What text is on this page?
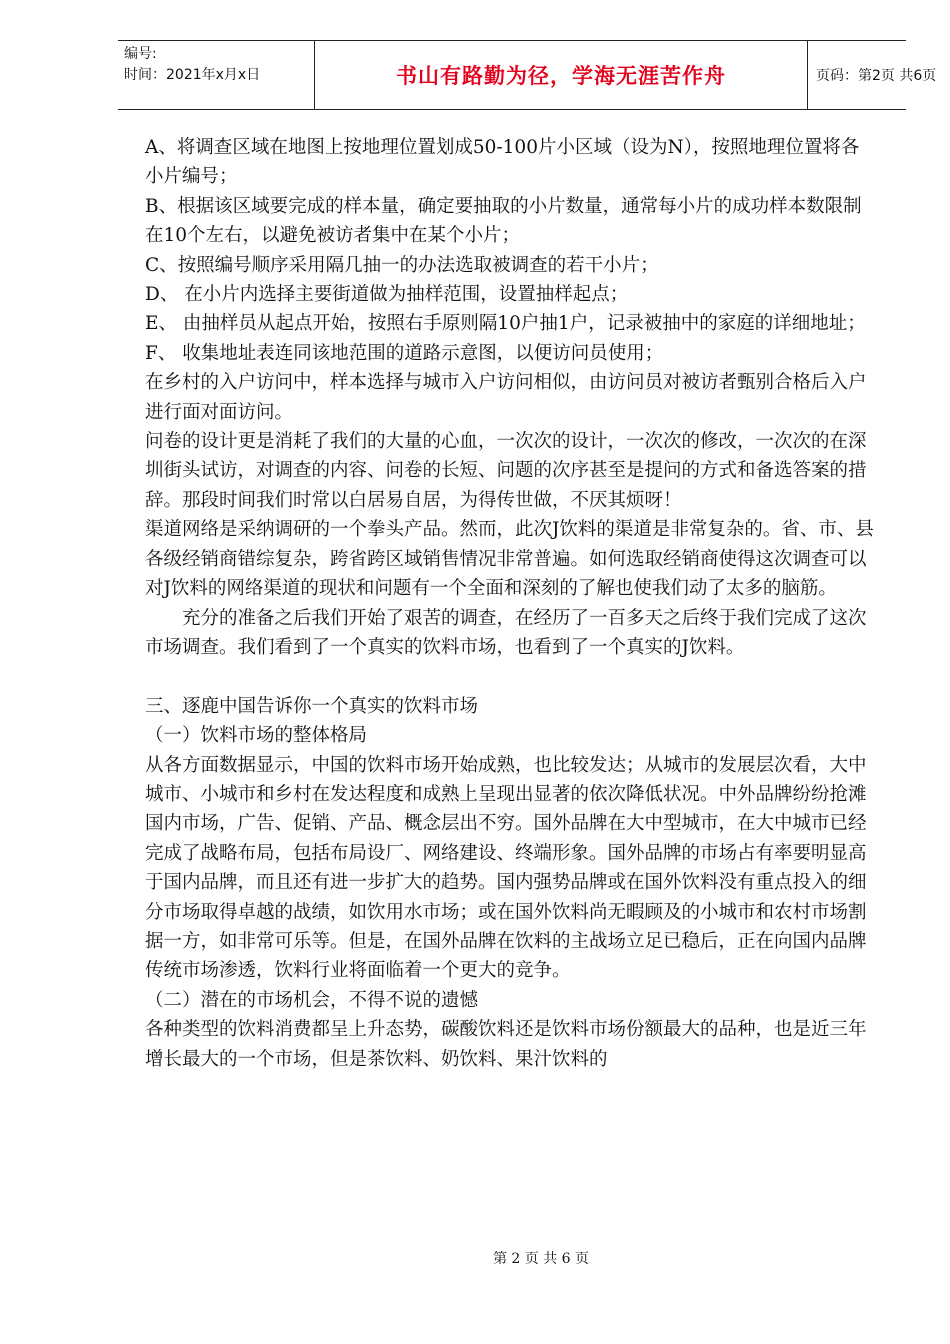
编号:
时间：2021年x月x日	书山有路勤为径，学海无涯苦作舟	页码：第2页 共6页

A、将调查区域在地图上按地理位置划成50-100片小区域（设为N），按照地理位置将各小片编号；

B、根据该区域要完成的样本量，确定要抽取的小片数量，通常每小片的成功样本数限制在10个左右，以避免被访者集中在某个小片；

C、按照编号顺序采用隔几抽一的办法选取被调查的若干小片；

D、 在小片内选择主要街道做为抽样范围，设置抽样起点；

E、 由抽样员从起点开始，按照右手原则隔10户抽1户，记录被抽中的家庭的详细地址；

F、 收集地址表连同该地范围的道路示意图，以便访问员使用；

在乡村的入户访问中，样本选择与城市入户访问相似，由访问员对被访者甄别合格后入户进行面对面访问。

问卷的设计更是消耗了我们的大量的心血，一次次的设计，一次次的修改，一次次的在深圳街头试访，对调查的内容、问卷的长短、问题的次序甚至是提问的方式和备选答案的措辞。那段时间我们时常以白居易自居，为得传世做，不厌其烦呀！

渠道网络是采纳调研的一个拳头产品。然而，此次J饮料的渠道是非常复杂的。省、市、县各级经销商错综复杂，跨省跨区域销售情况非常普遍。如何选取经销商使得这次调查可以对J饮料的网络渠道的现状和问题有一个全面和深刻的了解也使我们动了太多的脑筋。

充分的准备之后我们开始了艰苦的调查，在经历了一百多天之后终于我们完成了这次市场调查。我们看到了一个真实的饮料市场，也看到了一个真实的J饮料。

三、逐鹿中国告诉你一个真实的饮料市场

（一）饮料市场的整体格局

从各方面数据显示，中国的饮料市场开始成熟，也比较发达；从城市的发展层次看，大中城市、小城市和乡村在发达程度和成熟上呈现出显著的依次降低状况。中外品牌纷纷抢滩国内市场，广告、促销、产品、概念层出不穷。国外品牌在大中型城市，在大中城市已经完成了战略布局，包括布局设厂、网络建设、终端形象。国外品牌的市场占有率要明显高于国内品牌，而且还有进一步扩大的趋势。国内强势品牌或在国外饮料没有重点投入的细分市场取得卓越的战绩，如饮用水市场；或在国外饮料尚无暇顾及的小城市和农村市场割据一方，如非常可乐等。但是，在国外品牌在饮料的主战场立足已稳后，正在向国内品牌传统市场渗透，饮料行业将面临着一个更大的竞争。

（二）潜在的市场机会，不得不说的遗憾

各种类型的饮料消费都呈上升态势，碳酸饮料还是饮料市场份额最大的品种，也是近三年增长最大的一个市场，但是茶饮料、奶饮料、果汁饮料的

第 2 页 共 6 页
